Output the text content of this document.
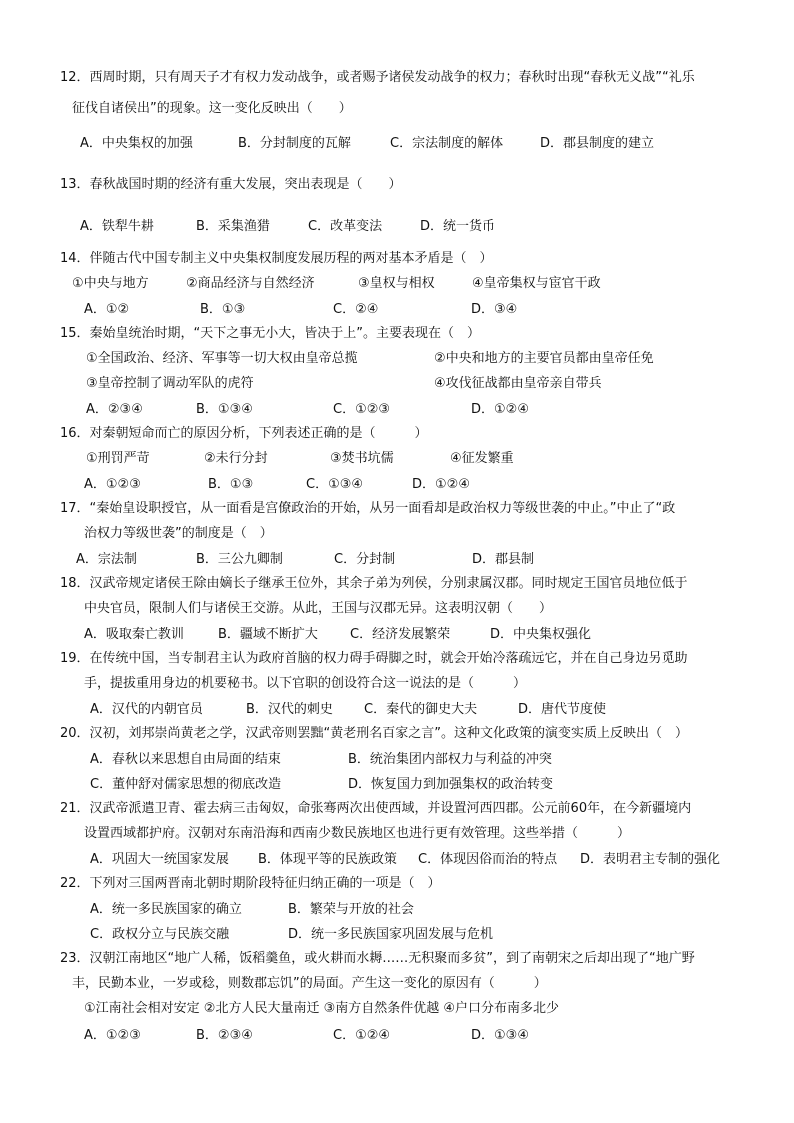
12．西周时期，只有周天子才有权力发动战争，或者赐予诸侯发动战争的权力；春秋时出现“春秋无义战”“礼乐
征伐自诸侯出”的现象。这一变化反映出（　　）
A．中央集权的加强	B．分封制度的瓦解	C．宗法制度的解体	D．郡县制度的建立
13．春秋战国时期的经济有重大发展，突出表现是（　　）
A．铁犁牛耕	B．采集渔猎	C．改革变法	D．统一货币
14．伴随古代中国专制主义中央集权制度发展历程的两对基本矛盾是（　）
①中央与地方	②商品经济与自然经济	③皇权与相权	④皇帝集权与宦官干政
A．①②	B．①③	C．②④	D．③④
15．秦始皇统治时期，“天下之事无小大，皆决于上”。主要表现在（　）
①全国政治、经济、军事等一切大权由皇帝总揽	②中央和地方的主要官员都由皇帝任免
③皇帝控制了调动军队的虎符	④攻伐征战都由皇帝亲自带兵
A．②③④	B．①③④	C．①②③	D．①②④
16．对秦朝短命而亡的原因分析，下列表述正确的是（　　　）
①刑罚严苛	②未行分封	③焚书坑儒	④征发繁重
A．①②③	B．①③	C．①③④	D．①②④
17．“秦始皇设职授官，从一面看是宫僚政治的开始，从另一面看却是政治权力等级世袭的中止。”中止了“政
治权力等级世袭”的制度是（　）
A．宗法制	B．三公九卿制	C．分封制	D．郡县制
18．汉武帝规定诸侯王除由嫡长子继承王位外，其余子弟为列侯，分别隶属汉郡。同时规定王国官员地位低于
中央官员，限制人们与诸侯王交游。从此，王国与汉郡无异。这表明汉朝（　　）
A．吸取秦亡教训	B．疆域不断扩大 C．经济发展繁荣	D．中央集权强化
19．在传统中国，当专制君主认为政府首脑的权力碍手碍脚之时，就会开始冷落疏远它，并在自己身边另觅助
手，提拔重用身边的机要秘书。以下官职的创设符合这一说法的是（　　　）
A．汉代的内朝官员	B．汉代的刺史 C．秦代的御史大夫	D．唐代节度使
20．汉初，刘邦崇尚黄老之学，汉武帝则罢黜“黄老刑名百家之言”。这种文化政策的演变实质上反映出（　）
A．春秋以来思想自由局面的结束	B．统治集团内部权力与利益的冲突
C．董仲舒对儒家思想的彻底改造	D．恢复国力到加强集权的政治转变
21．汉武帝派遣卫青、霍去病三击匈奴，命张骞两次出使西域，并设置河西四郡。公元前60年，在今新疆境内
设置西域都护府。汉朝对东南沿海和西南少数民族地区也进行更有效管理。这些举措（　　　）
A．巩固大一统国家发展 B．体现平等的民族政策 C．体现因俗而治的特点 D．表明君主专制的强化
22．下列对三国两晋南北朝时期阶段特征归纳正确的一项是（　）
A．统一多民族国家的确立	B．繁荣与开放的社会
C．政权分立与民族交融	D．统一多民族国家巩固发展与危机
23．汉朝江南地区“地广人稀，饭稻羹鱼，或火耕而水耨……无积聚而多贫”，到了南朝宋之后却出现了“地广野
丰，民勤本业，一岁或稔，则数郡忘饥”的局面。产生这一变化的原因有（　　　）
①江南社会相对安定 ②北方人民大量南迁 ③南方自然条件优越 ④户口分布南多北少
A．①②③	B．②③④	C．①②④	D．①③④
